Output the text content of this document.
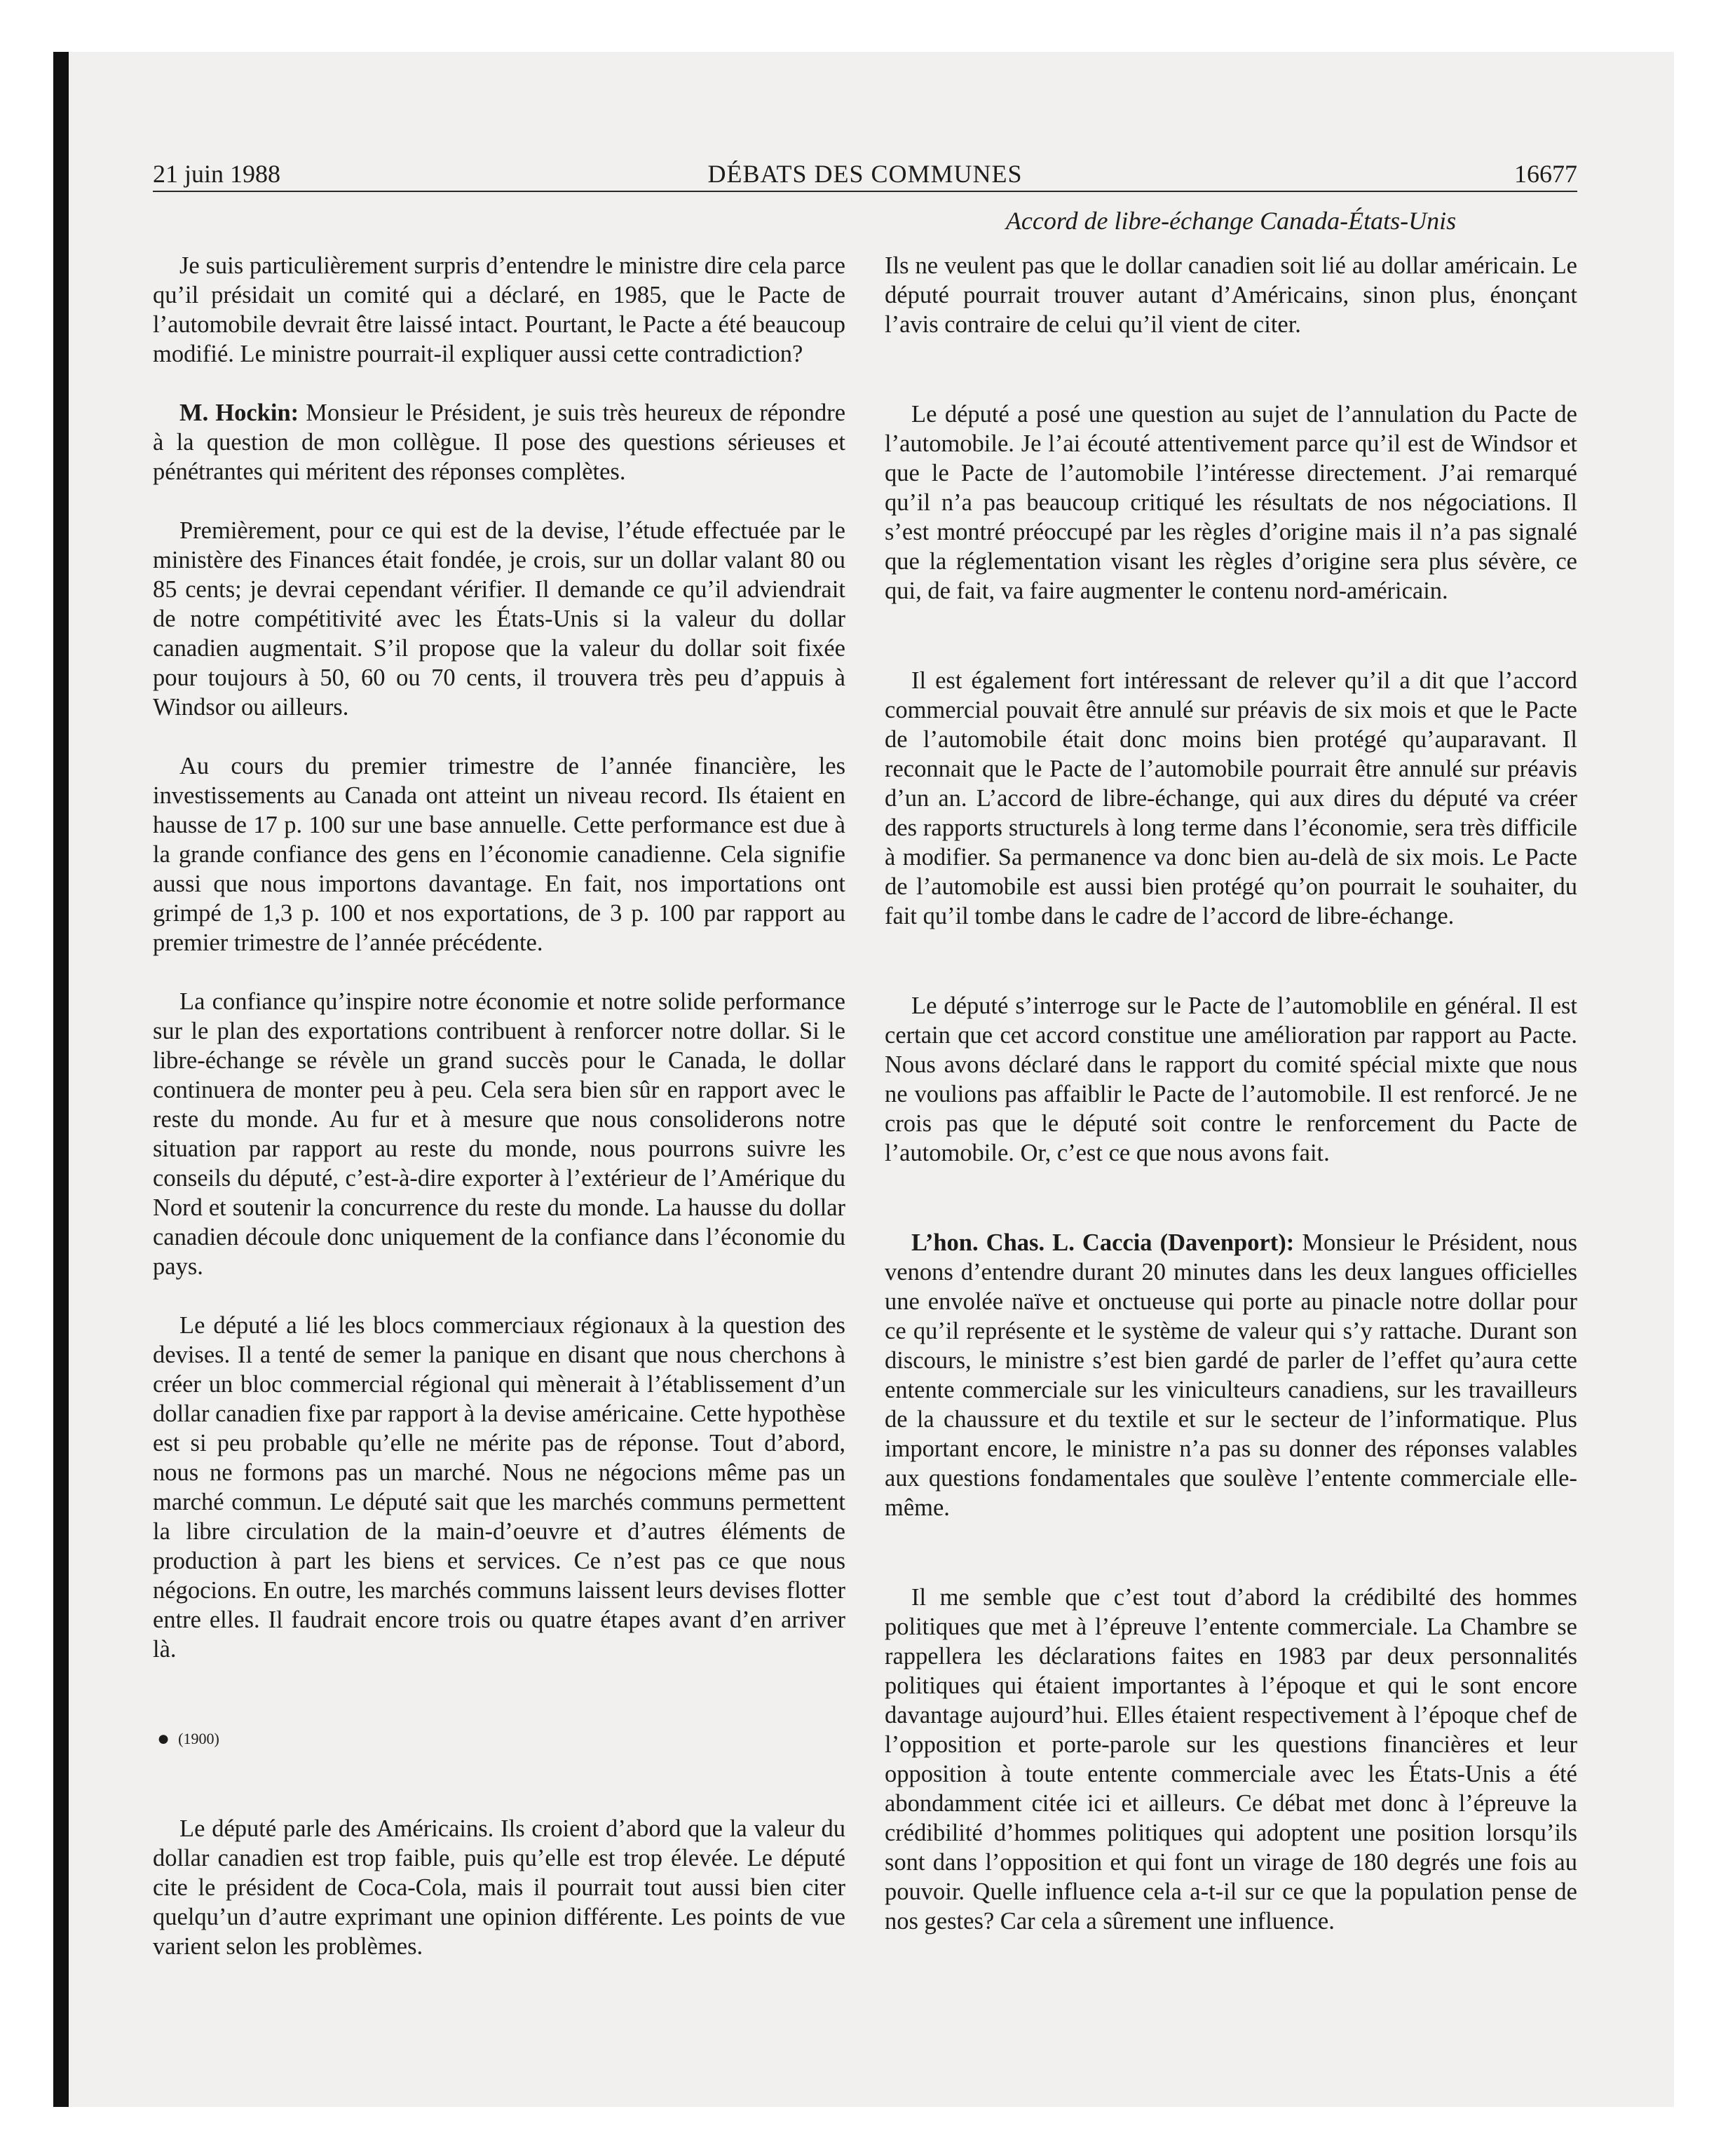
21 juin 1988	DÉBATS DES COMMUNES	16677
Accord de libre-échange Canada-États-Unis

Je suis particulièrement surpris d’entendre le ministre dire cela parce qu’il présidait un comité qui a déclaré, en 1985, que le Pacte de l’automobile devrait être laissé intact. Pourtant, le Pacte a été beaucoup modifié. Le ministre pourrait-il expliquer aussi cette contradiction?

M. Hockin: Monsieur le Président, je suis très heureux de répondre à la question de mon collègue. Il pose des questions sérieuses et pénétrantes qui méritent des réponses complètes.

Premièrement, pour ce qui est de la devise, l’étude effectuée par le ministère des Finances était fondée, je crois, sur un dollar valant 80 ou 85 cents; je devrai cependant vérifier. Il demande ce qu’il adviendrait de notre compétitivité avec les États-Unis si la valeur du dollar canadien augmentait. S’il propose que la valeur du dollar soit fixée pour toujours à 50, 60 ou 70 cents, il trouvera très peu d’appuis à Windsor ou ailleurs.

Au cours du premier trimestre de l’année financière, les investissements au Canada ont atteint un niveau record. Ils étaient en hausse de 17 p. 100 sur une base annuelle. Cette performance est due à la grande confiance des gens en l’économie canadienne. Cela signifie aussi que nous importons davantage. En fait, nos importations ont grimpé de 1,3 p. 100 et nos exportations, de 3 p. 100 par rapport au premier trimestre de l’année précédente.

La confiance qu’inspire notre économie et notre solide performance sur le plan des exportations contribuent à renforcer notre dollar. Si le libre-échange se révèle un grand succès pour le Canada, le dollar continuera de monter peu à peu. Cela sera bien sûr en rapport avec le reste du monde. Au fur et à mesure que nous consoliderons notre situation par rapport au reste du monde, nous pourrons suivre les conseils du député, c’est-à-dire exporter à l’extérieur de l’Amérique du Nord et soutenir la concurrence du reste du monde. La hausse du dollar canadien découle donc uniquement de la confiance dans l’économie du pays.

Le député a lié les blocs commerciaux régionaux à la question des devises. Il a tenté de semer la panique en disant que nous cherchons à créer un bloc commercial régional qui mènerait à l’établissement d’un dollar canadien fixe par rapport à la devise américaine. Cette hypothèse est si peu probable qu’elle ne mérite pas de réponse. Tout d’abord, nous ne formons pas un marché. Nous ne négocions même pas un marché commun. Le député sait que les marchés communs permettent la libre circulation de la main-d’oeuvre et d’autres éléments de production à part les biens et services. Ce n’est pas ce que nous négocions. En outre, les marchés communs laissent leurs devises flotter entre elles. Il faudrait encore trois ou quatre étapes avant d’en arriver là.

● (1900)

Le député parle des Américains. Ils croient d’abord que la valeur du dollar canadien est trop faible, puis qu’elle est trop élevée. Le député cite le président de Coca-Cola, mais il pourrait tout aussi bien citer quelqu’un d’autre exprimant une opinion différente. Les points de vue varient selon les problèmes.

Ils ne veulent pas que le dollar canadien soit lié au dollar américain. Le député pourrait trouver autant d’Américains, sinon plus, énonçant l’avis contraire de celui qu’il vient de citer.

Le député a posé une question au sujet de l’annulation du Pacte de l’automobile. Je l’ai écouté attentivement parce qu’il est de Windsor et que le Pacte de l’automobile l’intéresse directement. J’ai remarqué qu’il n’a pas beaucoup critiqué les résultats de nos négociations. Il s’est montré préoccupé par les règles d’origine mais il n’a pas signalé que la réglementation visant les règles d’origine sera plus sévère, ce qui, de fait, va faire augmenter le contenu nord-américain.

Il est également fort intéressant de relever qu’il a dit que l’accord commercial pouvait être annulé sur préavis de six mois et que le Pacte de l’automobile était donc moins bien protégé qu’auparavant. Il reconnait que le Pacte de l’automobile pourrait être annulé sur préavis d’un an. L’accord de libre-échange, qui aux dires du député va créer des rapports structurels à long terme dans l’économie, sera très difficile à modifier. Sa permanence va donc bien au-delà de six mois. Le Pacte de l’automobile est aussi bien protégé qu’on pourrait le souhaiter, du fait qu’il tombe dans le cadre de l’accord de libre-échange.

Le député s’interroge sur le Pacte de l’automoblile en général. Il est certain que cet accord constitue une amélioration par rapport au Pacte. Nous avons déclaré dans le rapport du comité spécial mixte que nous ne voulions pas affaiblir le Pacte de l’automobile. Il est renforcé. Je ne crois pas que le député soit contre le renforcement du Pacte de l’automobile. Or, c’est ce que nous avons fait.

L’hon. Chas. L. Caccia (Davenport): Monsieur le Président, nous venons d’entendre durant 20 minutes dans les deux langues officielles une envolée naïve et onctueuse qui porte au pinacle notre dollar pour ce qu’il représente et le système de valeur qui s’y rattache. Durant son discours, le ministre s’est bien gardé de parler de l’effet qu’aura cette entente commerciale sur les viniculteurs canadiens, sur les travailleurs de la chaussure et du textile et sur le secteur de l’informatique. Plus important encore, le ministre n’a pas su donner des réponses valables aux questions fondamentales que soulève l’entente commerciale elle-même.

Il me semble que c’est tout d’abord la crédibilté des hommes politiques que met à l’épreuve l’entente commerciale. La Chambre se rappellera les déclarations faites en 1983 par deux personnalités politiques qui étaient importantes à l’époque et qui le sont encore davantage aujourd’hui. Elles étaient respectivement à l’époque chef de l’opposition et porte-parole sur les questions financières et leur opposition à toute entente commerciale avec les États-Unis a été abondamment citée ici et ailleurs. Ce débat met donc à l’épreuve la crédibilité d’hommes politiques qui adoptent une position lorsqu’ils sont dans l’opposition et qui font un virage de 180 degrés une fois au pouvoir. Quelle influence cela a-t-il sur ce que la population pense de nos gestes? Car cela a sûrement une influence.
